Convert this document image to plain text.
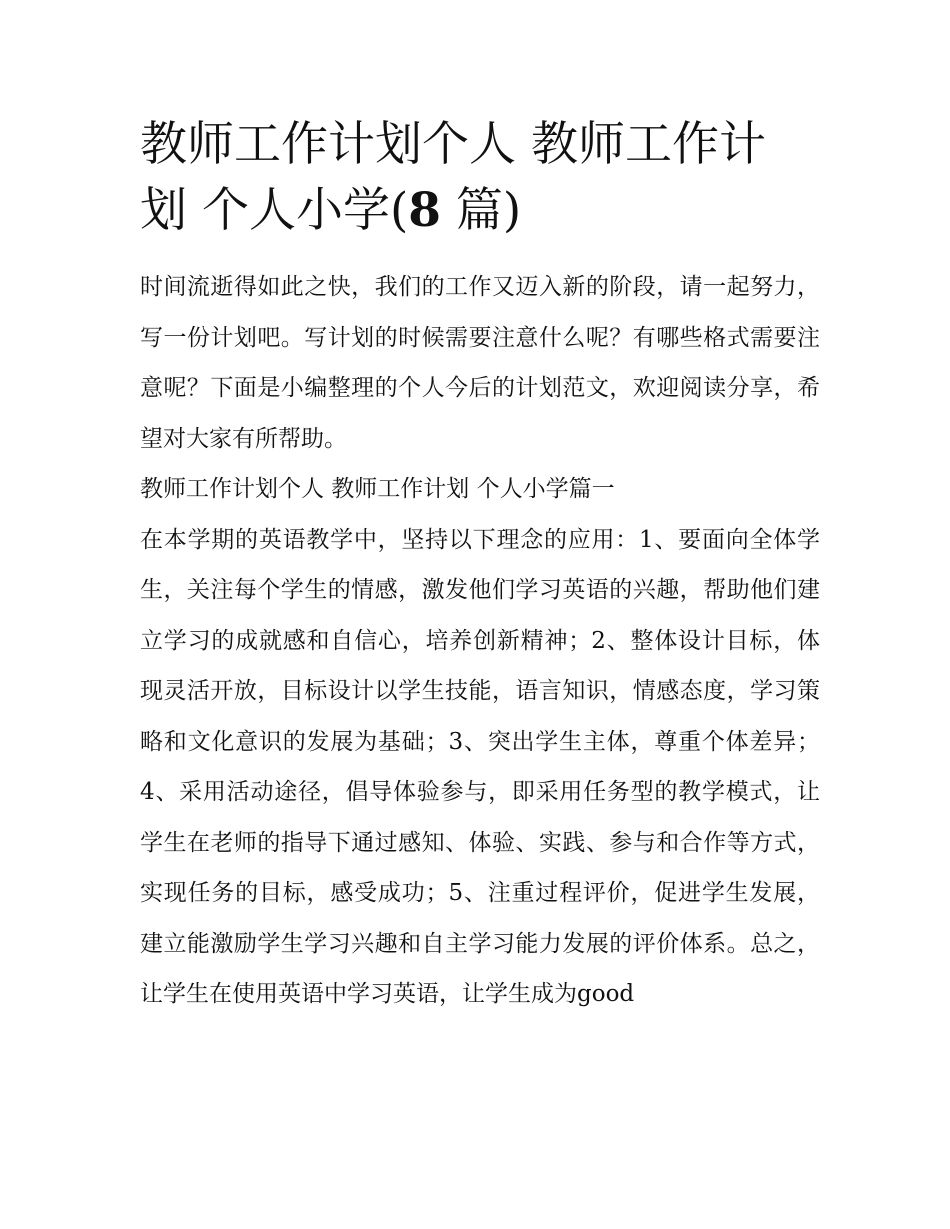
教师工作计划个人 教师工作计
划 个人小学(8 篇)

时间流逝得如此之快，我们的工作又迈入新的阶段，请一起努力，写一份计划吧。写计划的时候需要注意什么呢？有哪些格式需要注意呢？下面是小编整理的个人今后的计划范文，欢迎阅读分享，希望对大家有所帮助。

教师工作计划个人 教师工作计划 个人小学篇一

在本学期的英语教学中，坚持以下理念的应用：1、要面向全体学生，关注每个学生的情感，激发他们学习英语的兴趣，帮助他们建立学习的成就感和自信心，培养创新精神；2、整体设计目标，体现灵活开放，目标设计以学生技能，语言知识，情感态度，学习策略和文化意识的发展为基础；3、突出学生主体，尊重个体差异；4、采用活动途径，倡导体验参与，即采用任务型的教学模式，让学生在老师的指导下通过感知、体验、实践、参与和合作等方式，实现任务的目标，感受成功；5、注重过程评价，促进学生发展，建立能激励学生学习兴趣和自主学习能力发展的评价体系。总之，让学生在使用英语中学习英语，让学生成为good
